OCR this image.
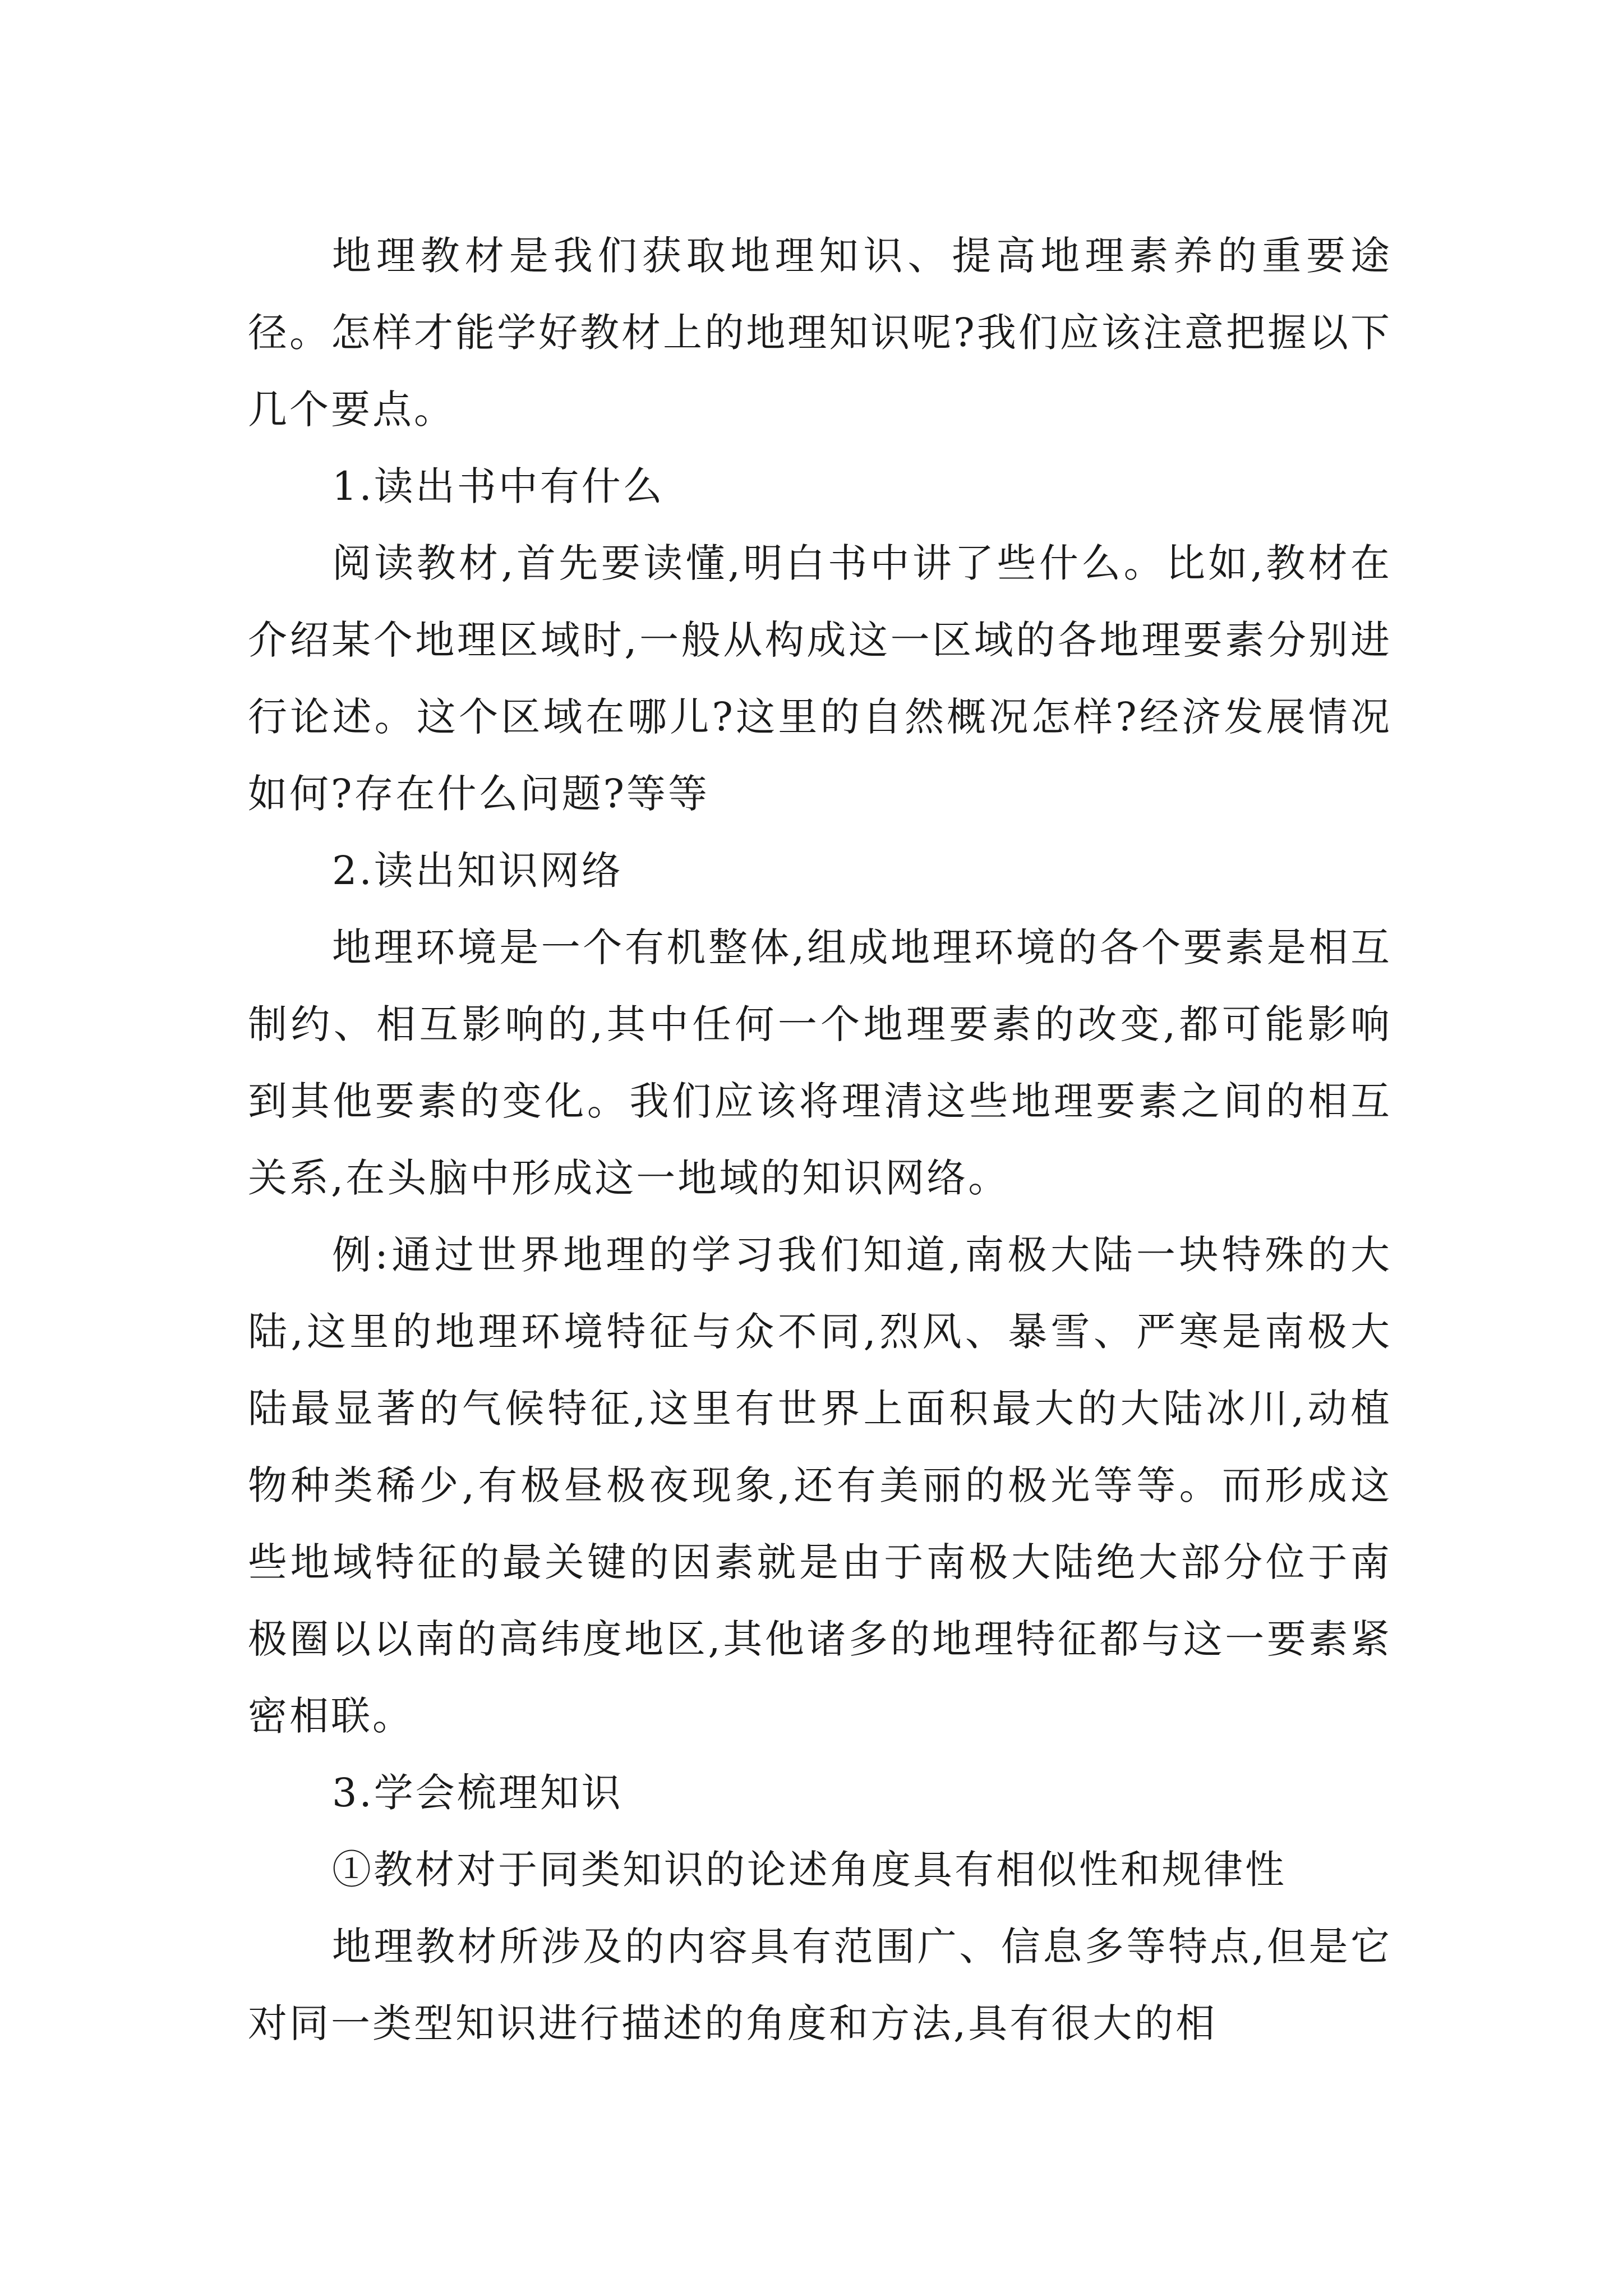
地理教材是我们获取地理知识、提高地理素养的重要途径。怎样才能学好教材上的地理知识呢?我们应该注意把握以下几个要点。

1.读出书中有什么

阅读教材,首先要读懂,明白书中讲了些什么。比如,教材在介绍某个地理区域时,一般从构成这一区域的各地理要素分别进行论述。这个区域在哪儿?这里的自然概况怎样?经济发展情况如何?存在什么问题?等等

2.读出知识网络

地理环境是一个有机整体,组成地理环境的各个要素是相互制约、相互影响的,其中任何一个地理要素的改变,都可能影响到其他要素的变化。我们应该将理清这些地理要素之间的相互关系,在头脑中形成这一地域的知识网络。

例:通过世界地理的学习我们知道,南极大陆一块特殊的大陆,这里的地理环境特征与众不同,烈风、暴雪、严寒是南极大陆最显著的气候特征,这里有世界上面积最大的大陆冰川,动植物种类稀少,有极昼极夜现象,还有美丽的极光等等。而形成这些地域特征的最关键的因素就是由于南极大陆绝大部分位于南极圈以以南的高纬度地区,其他诸多的地理特征都与这一要素紧密相联。

3.学会梳理知识

①教材对于同类知识的论述角度具有相似性和规律性

地理教材所涉及的内容具有范围广、信息多等特点,但是它对同一类型知识进行描述的角度和方法,具有很大的相
